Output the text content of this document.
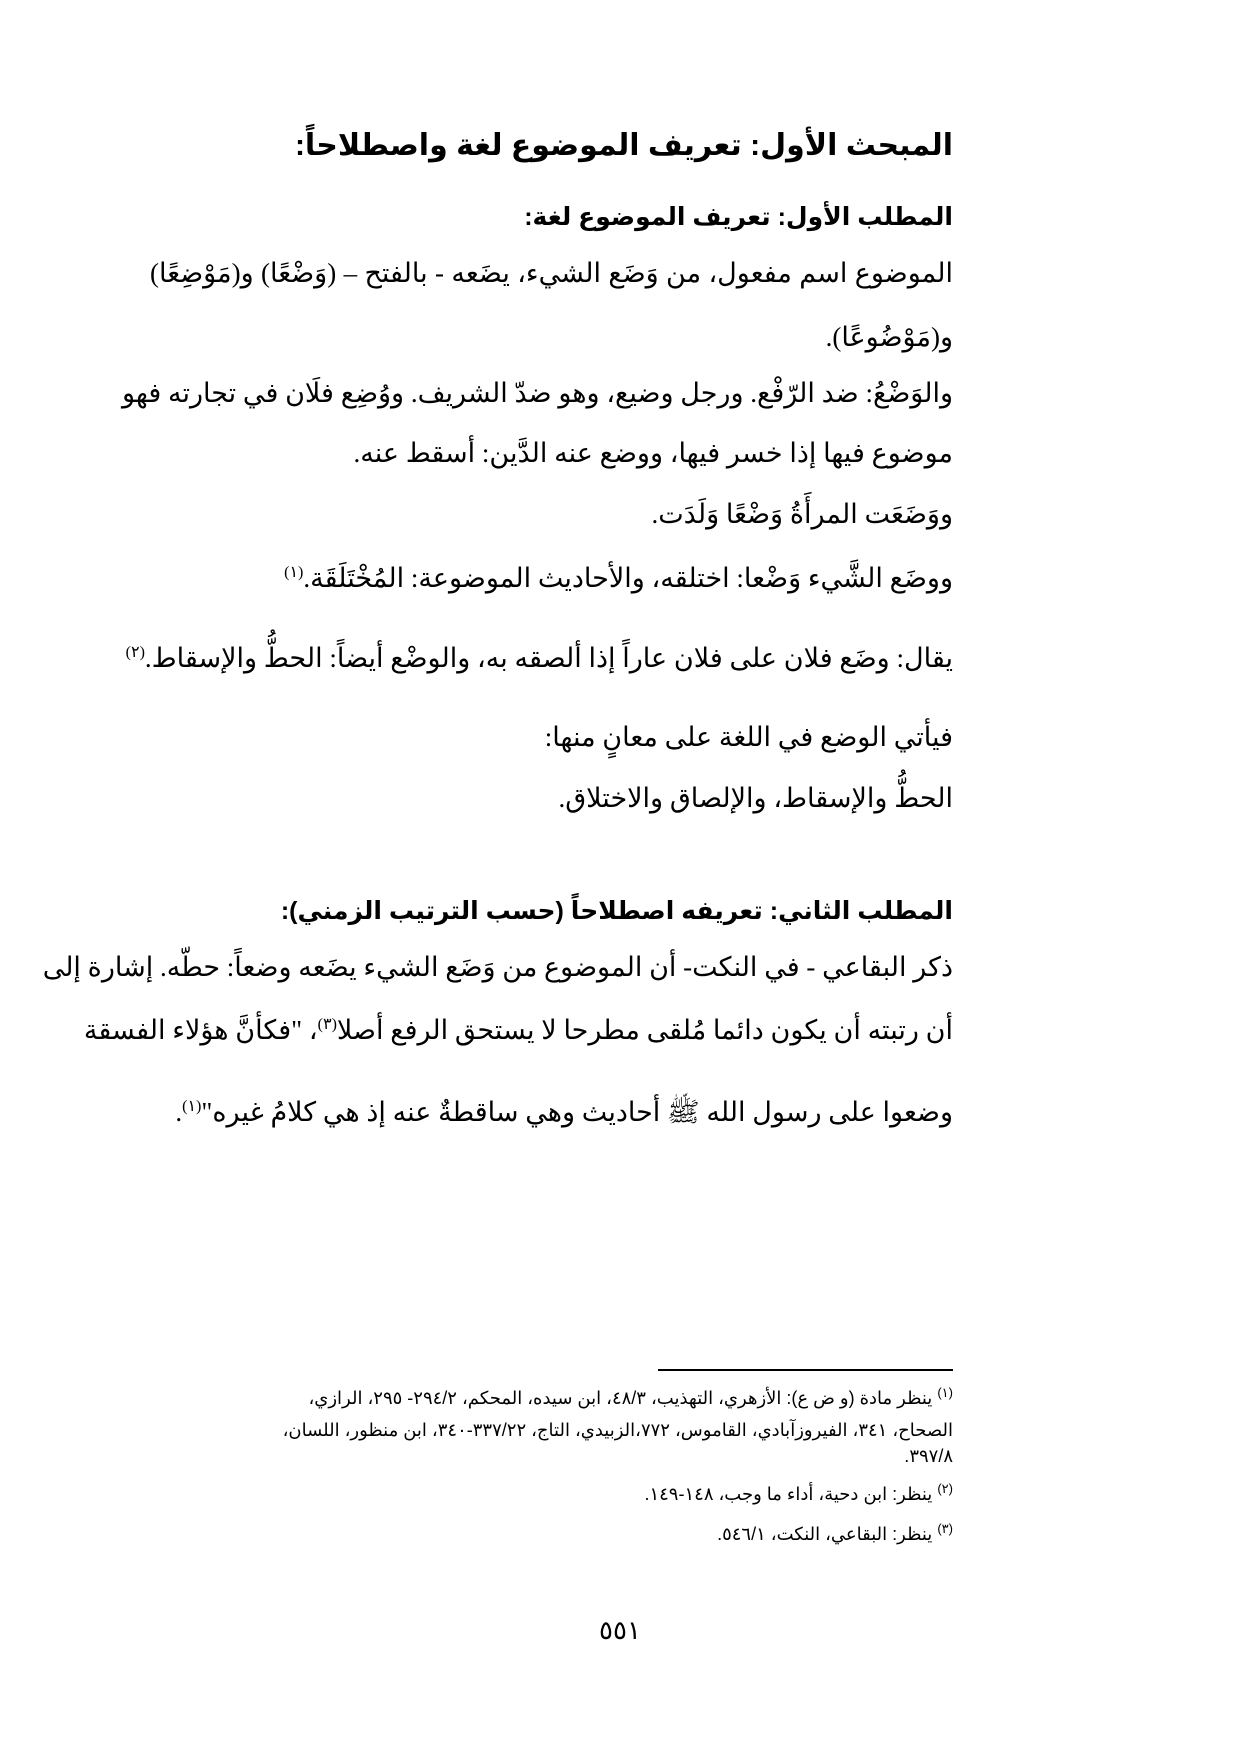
المبحث الأول: تعريف الموضوع لغة واصطلاحاً:
المطلب الأول: تعريف الموضوع لغة:
الموضوع اسم مفعول، من وَضَع الشيء، يضَعه - بالفتح – (وَضْعًا) و(مَوْضِعًا)
و(مَوْضُوعًا).
والوَضْعُ: ضد الرّفْع. ورجل وضيع، وهو ضدّ الشريف. ووُضِع فلَان في تجارته فهو
موضوع فيها إذا خسر فيها، ووضع عنه الدَّين: أسقط عنه.
ووَضَعَت المرأَةُ وَضْعًا وَلَدَت.
ووضَع الشَّيء وَضْعا: اختلقه، والأحاديث الموضوعة: المُخْتَلَقَة.$^{(١)}$
يقال: وضَع فلان على فلان عاراً إذا ألصقه به، والوضْع أيضاً: الحطُّ والإسقاط.$^{(٢)}$
فيأتي الوضع في اللغة على معانٍ منها:
الحطُّ والإسقاط، والإلصاق والاختلاق.
المطلب الثاني: تعريفه اصطلاحاً (حسب الترتيب الزمني):
ذكر البقاعي - في النكت- أن الموضوع من وَضَع الشيء يضَعه وضعاً: حطّه. إشارة إلى
أن رتبته أن يكون دائما مُلقى مطرحا لا يستحق الرفع أصلا$^{(٣)}$، "فكأنَّ هؤلاء الفسقة
وضعوا على رسول الله ﷺ أحاديث وهي ساقطةٌ عنه إذ هي كلامُ غيره"$^{(١)}$.
$^{(١)}$ ينظر مادة (و ض ع): الأزهري، التهذيب، ٤٨/٣، ابن سيده، المحكم، ٢٩٤/٢- ٢٩٥، الرازي،
الصحاح، ٣٤١، الفيروزآبادي، القاموس، ٧٧٢،الزبيدي، التاج، ٣٣٧/٢٢-٣٤٠، ابن منظور، اللسان،
٣٩٧/٨.
$^{(٢)}$ ينظر: ابن دحية، أداء ما وجب، ١٤٨-١٤٩.
$^{(٣)}$ ينظر: البقاعي، النكت، ٥٤٦/١.
٥٥١
